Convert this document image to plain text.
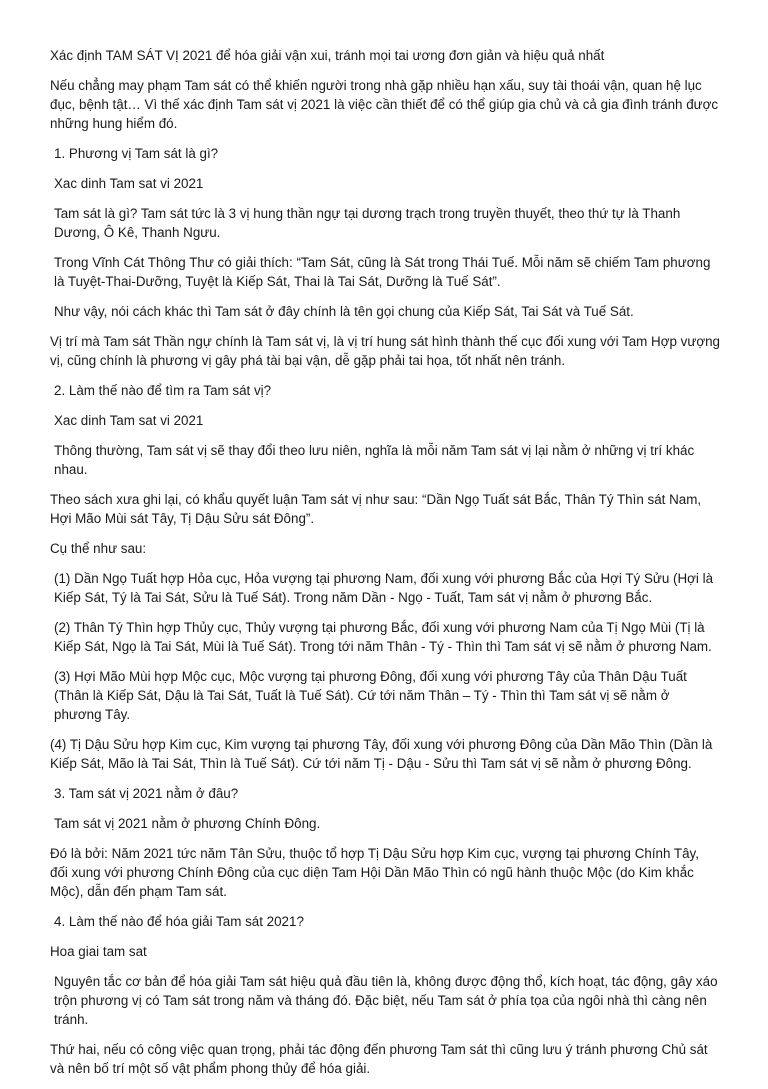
Xác định TAM SÁT VỊ 2021 để hóa giải vận xui, tránh mọi tai ương đơn giản và hiệu quả nhất

Nếu chẳng may phạm Tam sát có thể khiến người trong nhà gặp nhiều hạn xấu, suy tài thoái vận, quan hệ lục đục, bệnh tật… Vì thế xác định Tam sát vị 2021 là việc cần thiết để có thể giúp gia chủ và cả gia đình tránh được những hung hiểm đó.

1. Phương vị Tam sát là gì?

Xac dinh Tam sat vi 2021

Tam sát là gì? Tam sát tức là 3 vị hung thần ngự tại dương trạch trong truyền thuyết, theo thứ tự là Thanh Dương, Ô Kê, Thanh Ngưu.

Trong Vĩnh Cát Thông Thư có giải thích: “Tam Sát, cũng là Sát trong Thái Tuế. Mỗi năm sẽ chiếm Tam phương là Tuyệt-Thai-Dưỡng, Tuyệt là Kiếp Sát, Thai là Tai Sát, Dưỡng là Tuế Sát”.

Như vậy, nói cách khác thì Tam sát ở đây chính là tên gọi chung của Kiếp Sát, Tai Sát và Tuế Sát.

Vị trí mà Tam sát Thần ngự chính là Tam sát vị, là vị trí hung sát hình thành thế cục đối xung với Tam Hợp vượng vị, cũng chính là phương vị gây phá tài bại vận, dễ gặp phải tai họa, tốt nhất nên tránh.

2. Làm thế nào để tìm ra Tam sát vị?

Xac dinh Tam sat vi 2021

Thông thường, Tam sát vị sẽ thay đổi theo lưu niên, nghĩa là mỗi năm Tam sát vị lại nằm ở những vị trí khác nhau.

Theo sách xưa ghi lại, có khẩu quyết luận Tam sát vị như sau: “Dần Ngọ Tuất sát Bắc, Thân Tý Thìn sát Nam, Hợi Mão Mùi sát Tây, Tị Dậu Sửu sát Đông”.

Cụ thể như sau:

(1) Dần Ngọ Tuất hợp Hỏa cục, Hỏa vượng tại phương Nam, đối xung với phương Bắc của Hợi Tý Sửu (Hợi là Kiếp Sát, Tý là Tai Sát, Sửu là Tuế Sát). Trong năm Dần - Ngọ - Tuất, Tam sát vị nằm ở phương Bắc.

(2) Thân Tý Thìn hợp Thủy cục, Thủy vượng tại phương Bắc, đối xung với phương Nam của Tị Ngọ Mùi (Tị là Kiếp Sát, Ngọ là Tai Sát, Mùi là Tuế Sát). Trong tới năm Thân - Tý - Thìn thì Tam sát vị sẽ nằm ở phương Nam.

(3) Hợi Mão Mùi hợp Mộc cục, Mộc vượng tại phương Đông, đối xung với phương Tây của Thân Dậu Tuất (Thân là Kiếp Sát, Dậu là Tai Sát, Tuất là Tuế Sát). Cứ tới năm Thân – Tý - Thìn thì Tam sát vị sẽ nằm ở phương Tây.

(4) Tị Dậu Sửu hợp Kim cục, Kim vượng tại phương Tây, đối xung với phương Đông của Dần Mão Thìn (Dần là Kiếp Sát, Mão là Tai Sát, Thìn là Tuế Sát). Cứ tới năm Tị - Dậu - Sửu thì Tam sát vị sẽ nằm ở phương Đông.

3. Tam sát vị 2021 nằm ở đâu?

Tam sát vị 2021 nằm ở phương Chính Đông.

Đó là bởi: Năm 2021 tức năm Tân Sửu, thuộc tổ hợp Tị Dậu Sửu hợp Kim cục, vượng tại phương Chính Tây, đối xung với phương Chính Đông của cục diện Tam Hội Dần Mão Thìn có ngũ hành thuộc Mộc (do Kim khắc Mộc), dẫn đến phạm Tam sát.

4. Làm thế nào để hóa giải Tam sát 2021?

Hoa giai tam sat

Nguyên tắc cơ bản để hóa giải Tam sát hiệu quả đầu tiên là, không được động thổ, kích hoạt, tác động, gây xáo trộn phương vị có Tam sát trong năm và tháng đó. Đặc biệt, nếu Tam sát ở phía tọa của ngôi nhà thì càng nên tránh.

Thứ hai, nếu có công việc quan trọng, phải tác động đến phương Tam sát thì cũng lưu ý tránh phương Chủ sát và nên bố trí một số vật phẩm phong thủy để hóa giải.
